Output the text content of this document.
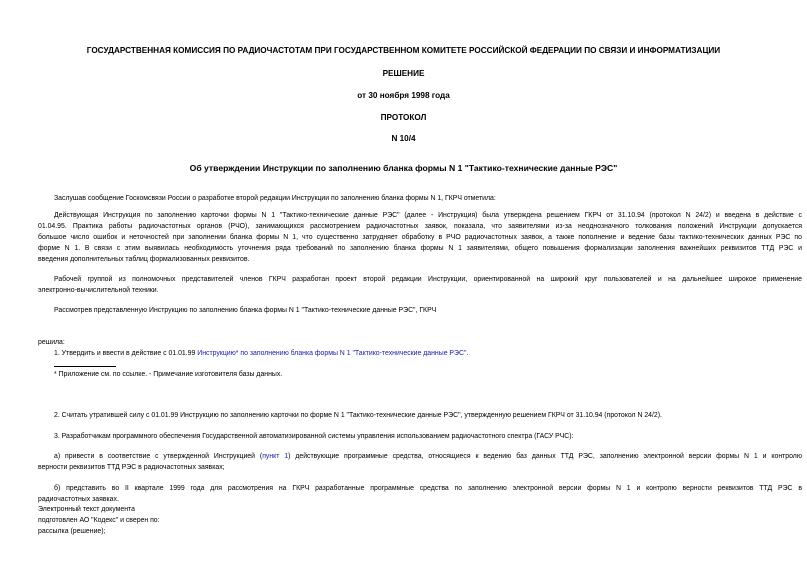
ГОСУДАРСТВЕННАЯ КОМИССИЯ ПО РАДИОЧАСТОТАМ ПРИ ГОСУДАРСТВЕННОМ КОМИТЕТЕ РОССИЙСКОЙ ФЕДЕРАЦИИ ПО СВЯЗИ И ИНФОРМАТИЗАЦИИ
РЕШЕНИЕ
от 30 ноября 1998 года
ПРОТОКОЛ
N 10/4
Об утверждении Инструкции по заполнению бланка формы N 1 "Тактико-технические данные РЭС"

Заслушав сообщение Госкомсвязи России о разработке второй редакции Инструкции по заполнению бланка формы N 1, ГКРЧ отметила:

Действующая Инструкция по заполнению карточки формы N 1 "Тактико-технические данные РЭС" (далее - Инструкция) была утверждена решением ГКРЧ от 31.10.94 (протокол N 24/2) и введена в действие с

01.04.95. Практика работы радиочастотных органов (РЧО), занимающихся рассмотрением радиочастотных заявок, показала, что заявителями из-за неоднозначного толкования положений Инструкции допускается

большое число ошибок и неточностей при заполнении бланка формы N 1, что существенно затрудняет обработку в РЧО радиочастотных заявок, а также пополнение и ведение базы тактико-технических данных РЭС по

форме N 1. В связи с этим выявилась необходимость уточнения ряда требований по заполнению бланка формы N 1 заявителями, общего повышения формализации заполнения важнейших реквизитов ТТД РЭС и

введения дополнительных таблиц формализованных реквизитов.

Рабочей группой из полномочных представителей членов ГКРЧ разработан проект второй редакции Инструкции, ориентированной на широкий круг пользователей и на дальнейшее широкое применение

электронно-вычислительной техники.

Рассмотрев представленную Инструкцию по заполнению бланка формы N 1 "Тактико-технические данные РЭС", ГКРЧ

решила:

1. Утвердить и ввести в действие с 01.01.99 Инструкцию* по заполнению бланка формы N 1 "Тактико-технические данные РЭС".

* Приложение см. по ссылке. - Примечание изготовителя базы данных.

2. Считать утратившей силу с 01.01.99 Инструкцию по заполнению карточки по форме N 1 "Тактико-технические данные РЭС", утвержденную решением ГКРЧ от 31.10.94 (протокол N 24/2).

3. Разработчикам программного обеспечения Государственной автоматизированной системы управления использованием радиочастотного спектра (ГАСУ РЧС):

а) привести в соответствие с утвержденной Инструкцией (пункт 1) действующие программные средства, относящиеся к ведению баз данных ТТД РЭС, заполнению электронной версии формы N 1 и контролю

верности реквизитов ТТД РЭС в радиочастотных заявках;

б) представить во II квартале 1999 года для рассмотрения на ГКРЧ разработанные программные средства по заполнению электронной версии формы N 1 и контролю верности реквизитов ТТД РЭС в

радиочастотных заявках.

Электронный текст документа

подготовлен АО "Кодекс" и сверен по:

рассылка (решение);
